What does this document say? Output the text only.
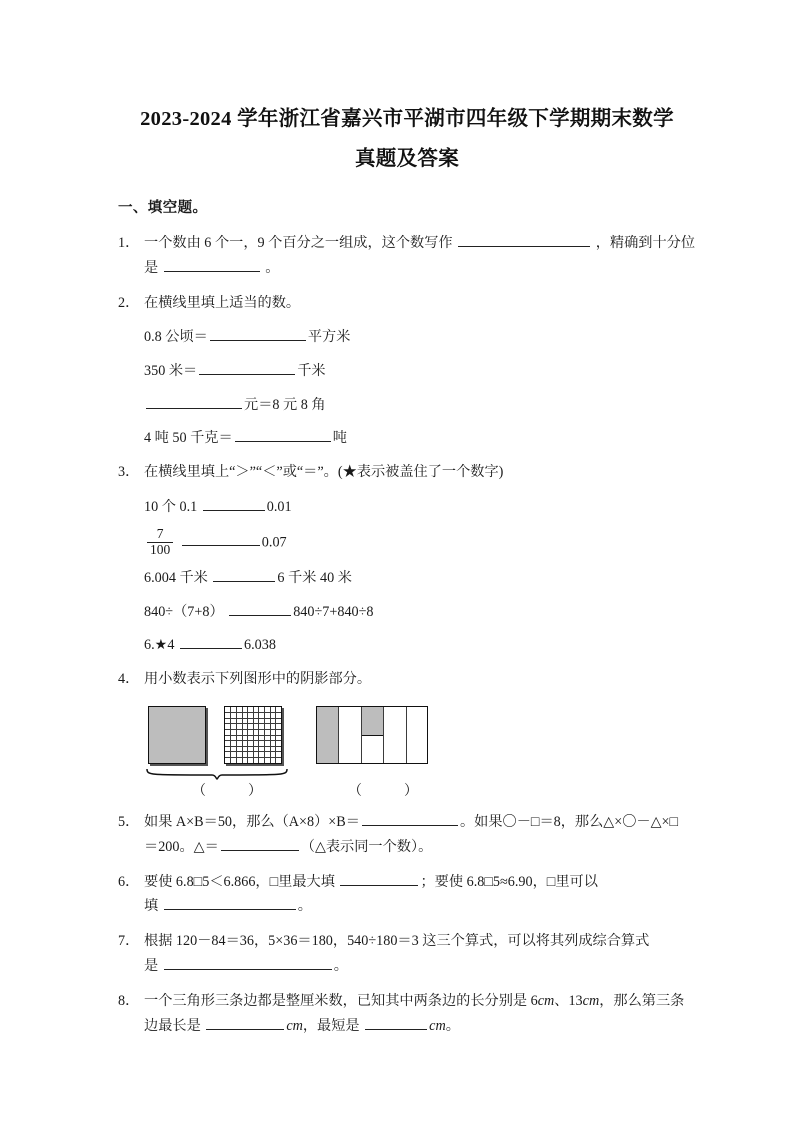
2023-2024 学年浙江省嘉兴市平湖市四年级下学期期末数学
真题及答案
一、填空题。
1． 一个数由 6 个一，9 个百分之一组成，这个数写作	，精确到十分位
是	。
2． 在横线里填上适当的数。
0.8 公顷＝	平方米
350 米＝	千米
元＝8 元 8 角
4 吨 50 千克＝	吨
3． 在横线里填上“＞”“＜”或“＝”。(★表示被盖住了一个数字)
10 个 0.1	0.01
$\frac{7}{100}$	0.07
6.004 千米	6 千米 40 米
840÷（7+8）	840÷7+840÷8
6.★4	6.038
4． 用小数表示下列图形中的阴影部分。
（	）	（	）
5． 如果 A×B＝50，那么（A×8）×B＝	。如果〇－□＝8，那么△×〇－△×□
＝200。△＝	（△表示同一个数）。
6． 要使 6.8□5＜6.866，□里最大填	；要使 6.8□5≈6.90，□里可以
填	。
7． 根据 120－84＝36，5×36＝180，540÷180＝3 这三个算式，可以将其列成综合算式
是	。
8． 一个三角形三条边都是整厘米数，已知其中两条边的长分别是 6cm、13cm，那么第三条
边最长是	cm，最短是	cm。
